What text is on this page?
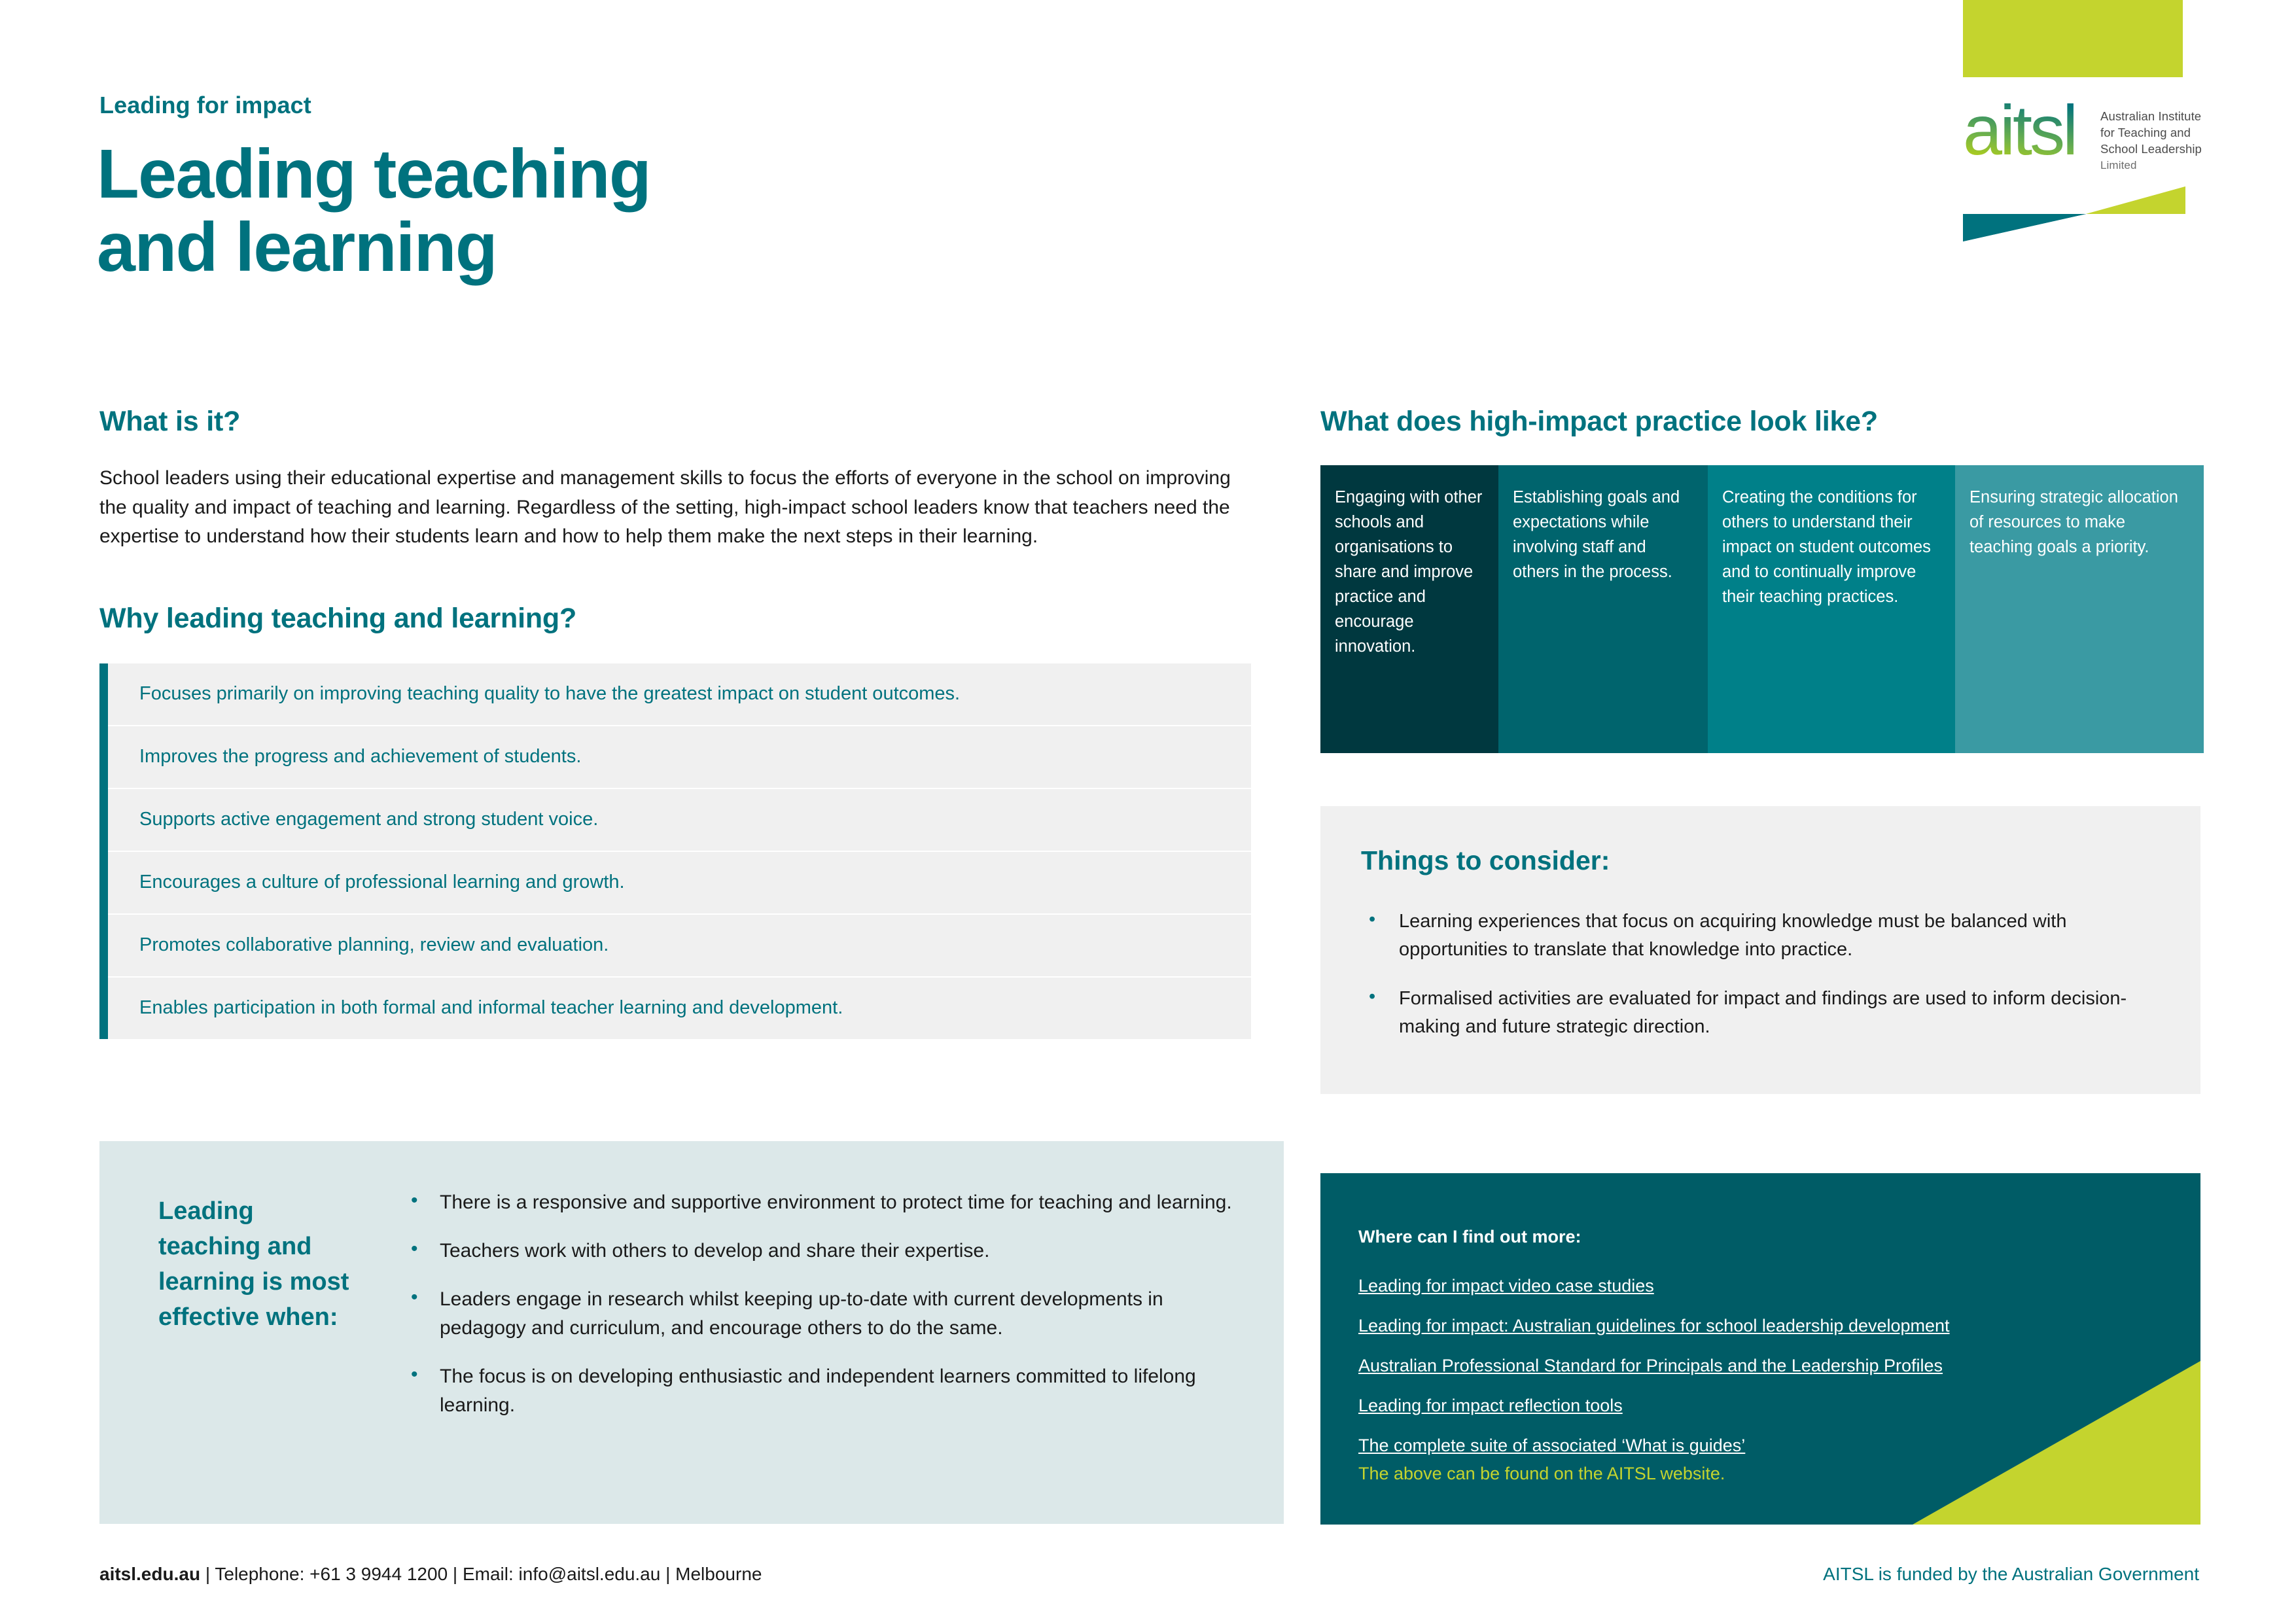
aitsl Australian Institute
for Teaching and
School Leadership
Limited
Leading for impact
Leading teaching
and learning
What is it?
School leaders using their educational expertise and management skills to focus the efforts of everyone in the school on improving the quality and impact of teaching and learning. Regardless of the setting, high-impact school leaders know that teachers need the expertise to understand how their students learn and how to help them make the next steps in their learning.
Why leading teaching and learning?
Focuses primarily on improving teaching quality to have the greatest impact on student outcomes.
Improves the progress and achievement of students.
Supports active engagement and strong student voice.
Encourages a culture of professional learning and growth.
Promotes collaborative planning, review and evaluation.
Enables participation in both formal and informal teacher learning and development.
Leading teaching and learning is most effective when:
• There is a responsive and supportive environment to protect time for teaching and learning.
• Teachers work with others to develop and share their expertise.
• Leaders engage in research whilst keeping up-to-date with current developments in pedagogy and curriculum, and encourage others to do the same.
• The focus is on developing enthusiastic and independent learners committed to lifelong learning.
What does high-impact practice look like?
Engaging with other schools and organisations to share and improve practice and encourage innovation.
Establishing goals and expectations while involving staff and others in the process.
Creating the conditions for others to understand their impact on student outcomes and to continually improve their teaching practices.
Ensuring strategic allocation of resources to make teaching goals a priority.
Things to consider:
• Learning experiences that focus on acquiring knowledge must be balanced with opportunities to translate that knowledge into practice.
• Formalised activities are evaluated for impact and findings are used to inform decision-making and future strategic direction.
Where can I find out more:
Leading for impact video case studies
Leading for impact: Australian guidelines for school leadership development
Australian Professional Standard for Principals and the Leadership Profiles
Leading for impact reflection tools
The complete suite of associated ‘What is guides’
The above can be found on the AITSL website.
aitsl.edu.au | Telephone: +61 3 9944 1200 | Email: info@aitsl.edu.au | Melbourne	AITSL is funded by the Australian Government
